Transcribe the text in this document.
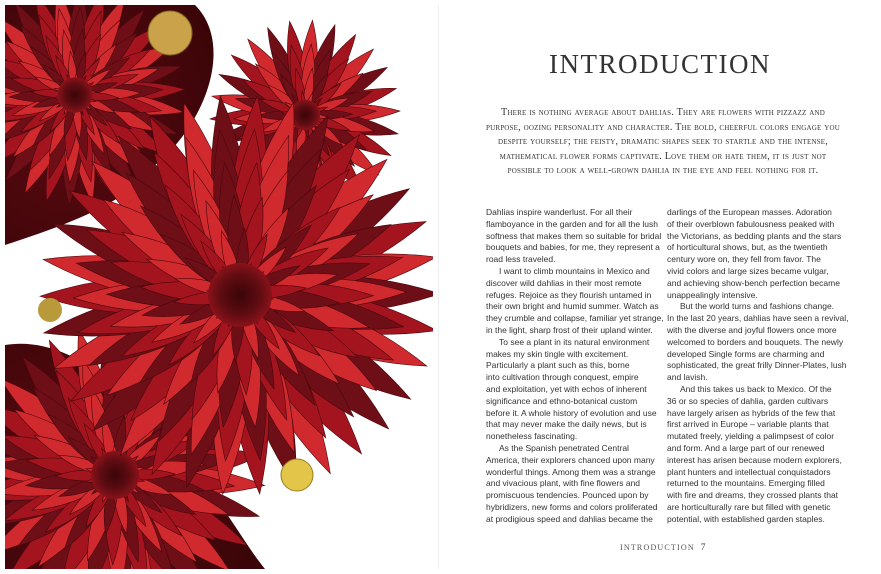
INTRODUCTION

There is nothing average about dahlias. They are flowers with pizzazz and purpose, oozing personality and character. The bold, cheerful colors engage you despite yourself; the feisty, dramatic shapes seek to startle and the intense, mathematical flower forms captivate. Love them or hate them, it is just not possible to look a well-grown dahlia in the eye and feel nothing for it.

Dahlias inspire wanderlust. For all their

flamboyance in the garden and for all the lush

softness that makes them so suitable for bridal

bouquets and babies, for me, they represent a

road less traveled.

I want to climb mountains in Mexico and

discover wild dahlias in their most remote

refuges. Rejoice as they flourish untamed in

their own bright and humid summer. Watch as

they crumble and collapse, familiar yet strange,

in the light, sharp frost of their upland winter.

To see a plant in its natural environment

makes my skin tingle with excitement.

Particularly a plant such as this, borne

into cultivation through conquest, empire

and exploitation, yet with echos of inherent

significance and ethno-botanical custom

before it. A whole history of evolution and use

that may never make the daily news, but is

nonetheless fascinating.

As the Spanish penetrated Central

America, their explorers chanced upon many

wonderful things. Among them was a strange

and vivacious plant, with fine flowers and

promiscuous tendencies. Pounced upon by

hybridizers, new forms and colors proliferated

at prodigious speed and dahlias became the

darlings of the European masses. Adoration

of their overblown fabulousness peaked with

the Victorians, as bedding plants and the stars

of horticultural shows, but, as the twentieth

century wore on, they fell from favor. The

vivid colors and large sizes became vulgar,

and achieving show-bench perfection became

unappealingly intensive.

But the world turns and fashions change.

In the last 20 years, dahlias have seen a revival,

with the diverse and joyful flowers once more

welcomed to borders and bouquets. The newly

developed Single forms are charming and

sophisticated, the great frilly Dinner-Plates, lush

and lavish.

And this takes us back to Mexico. Of the

36 or so species of dahlia, garden cultivars

have largely arisen as hybrids of the few that

first arrived in Europe – variable plants that

mutated freely, yielding a palimpsest of color

and form. And a large part of our renewed

interest has arisen because modern explorers,

plant hunters and intellectual conquistadors

returned to the mountains. Emerging filled

with fire and dreams, they crossed plants that

are horticulturally rare but filled with genetic

potential, with established garden staples.

INTRODUCTION 7
